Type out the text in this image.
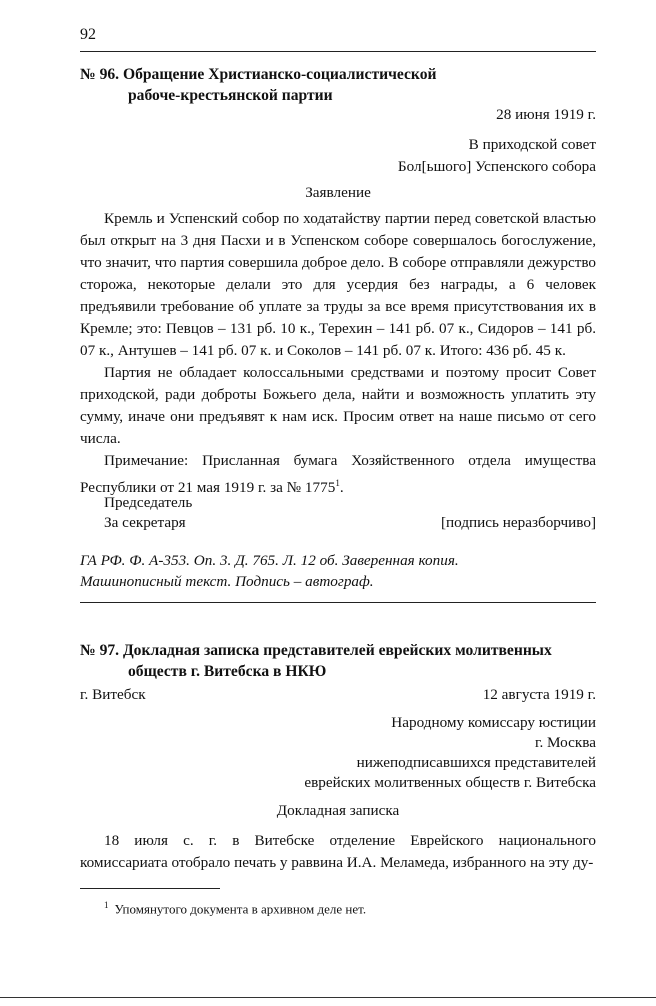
92
№ 96. Обращение Христианско-социалистической
рабоче-крестьянской партии
28 июня 1919 г.
В приходской совет
Бол[ьшого] Успенского собора
Заявление

Кремль и Успенский собор по ходатайству партии перед советской властью был открыт на 3 дня Пасхи и в Успенском соборе совершалось богослужение, что значит, что партия совершила доброе дело. В соборе отправляли дежурство сторожа, некоторые делали это для усердия без награды, а 6 человек предъявили требование об уплате за труды за все время присутствования их в Кремле; это: Певцов – 131 рб. 10 к., Терехин – 141 рб. 07 к., Сидоров – 141 рб. 07 к., Антушев – 141 рб. 07 к. и Соколов – 141 рб. 07 к. Итого: 436 рб. 45 к.

Партия не обладает колоссальными средствами и поэтому просит Совет приходской, ради доброты Божьего дела, найти и возможность уплатить эту сумму, иначе они предъявят к нам иск. Просим ответ на наше письмо от сего числа.

Примечание: Присланная бумага Хозяйственного отдела имущества Республики от 21 мая 1919 г. за № 1775$^1$.

Председатель
За секретаря	[подпись неразборчиво]
ГА РФ. Ф. А-353. Оп. 3. Д. 765. Л. 12 об. Заверенная копия.
Машинописный текст. Подпись – автограф.
№ 97. Докладная записка представителей еврейских молитвенных
обществ г. Витебска в НКЮ
г. Витебск	12 августа 1919 г.
Народному комиссару юстиции
г. Москва
нижеподписавшихся представителей
еврейских молитвенных обществ г. Витебска
Докладная записка

18 июля с. г. в Витебске отделение Еврейского национального комиссариата отобрало печать у раввина И.А. Меламеда, избранного на эту ду-

$^1$ Упомянутого документа в архивном деле нет.
